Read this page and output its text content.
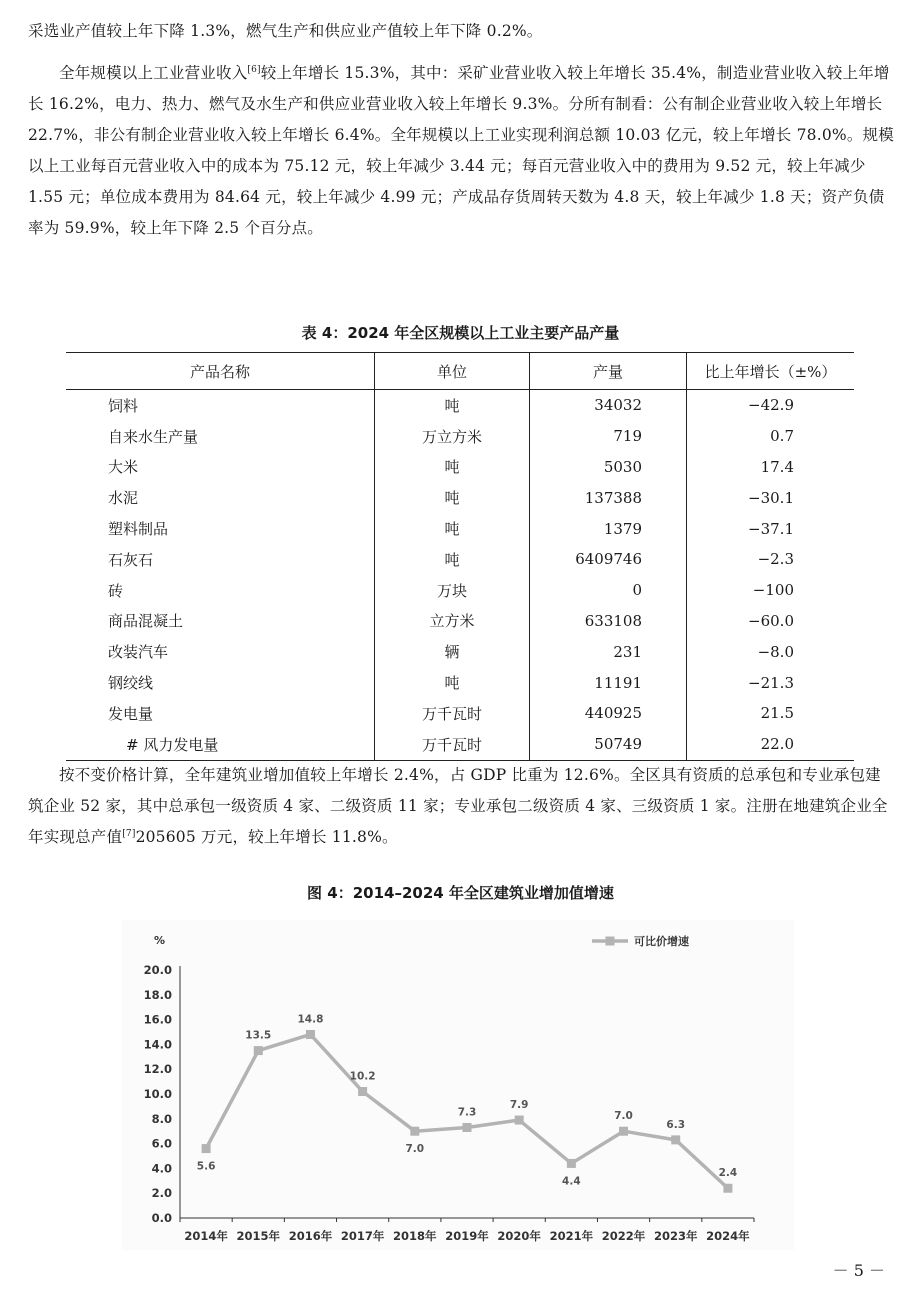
采选业产值较上年下降 1.3%，燃气生产和供应业产值较上年下降 0.2%。

全年规模以上工业营业收入[6]较上年增长 15.3%，其中：采矿业营业收入较上年增长 35.4%，制造业营业收入较上年增长 16.2%，电力、热力、燃气及水生产和供应业营业收入较上年增长 9.3%。分所有制看：公有制企业营业收入较上年增长 22.7%，非公有制企业营业收入较上年增长 6.4%。全年规模以上工业实现利润总额 10.03 亿元，较上年增长 78.0%。规模以上工业每百元营业收入中的成本为 75.12 元，较上年减少 3.44 元；每百元营业收入中的费用为 9.52 元，较上年减少 1.55 元；单位成本费用为 84.64 元，较上年减少 4.99 元；产成品存货周转天数为 4.8 天，较上年减少 1.8 天；资产负债率为 59.9%，较上年下降 2.5 个百分点。

表 4：2024 年全区规模以上工业主要产品产量

产品名称	单位	产量	比上年增长（±%）
饲料	吨	34032	−42.9
自来水生产量	万立方米	719	0.7
大米	吨	5030	17.4
水泥	吨	137388	−30.1
塑料制品	吨	1379	−37.1
石灰石	吨	6409746	−2.3
砖	万块	0	−100
商品混凝土	立方米	633108	−60.0
改装汽车	辆	231	−8.0
钢绞线	吨	11191	−21.3
发电量	万千瓦时	440925	21.5
# 风力发电量	万千瓦时	50749	22.0

按不变价格计算，全年建筑业增加值较上年增长 2.4%，占 GDP 比重为 12.6%。全区具有资质的总承包和专业承包建筑企业 52 家，其中总承包一级资质 4 家、二级资质 11 家；专业承包二级资质 4 家、三级资质 1 家。注册在地建筑企业全年实现总产值[7]205605 万元，较上年增长 11.8%。

图 4：2014–2024 年全区建筑业增加值增速

%
0.0
2.0
4.0
6.0
8.0
10.0
12.0
14.0
16.0
18.0
20.0
2014年 2015年 2016年 2017年 2018年 2019年 2020年 2021年 2022年 2023年 2024年
5.6
13.5
14.8
10.2
7.0
7.3
7.9
4.4
7.0
6.3
2.4
可比价增速
－ 5 －
